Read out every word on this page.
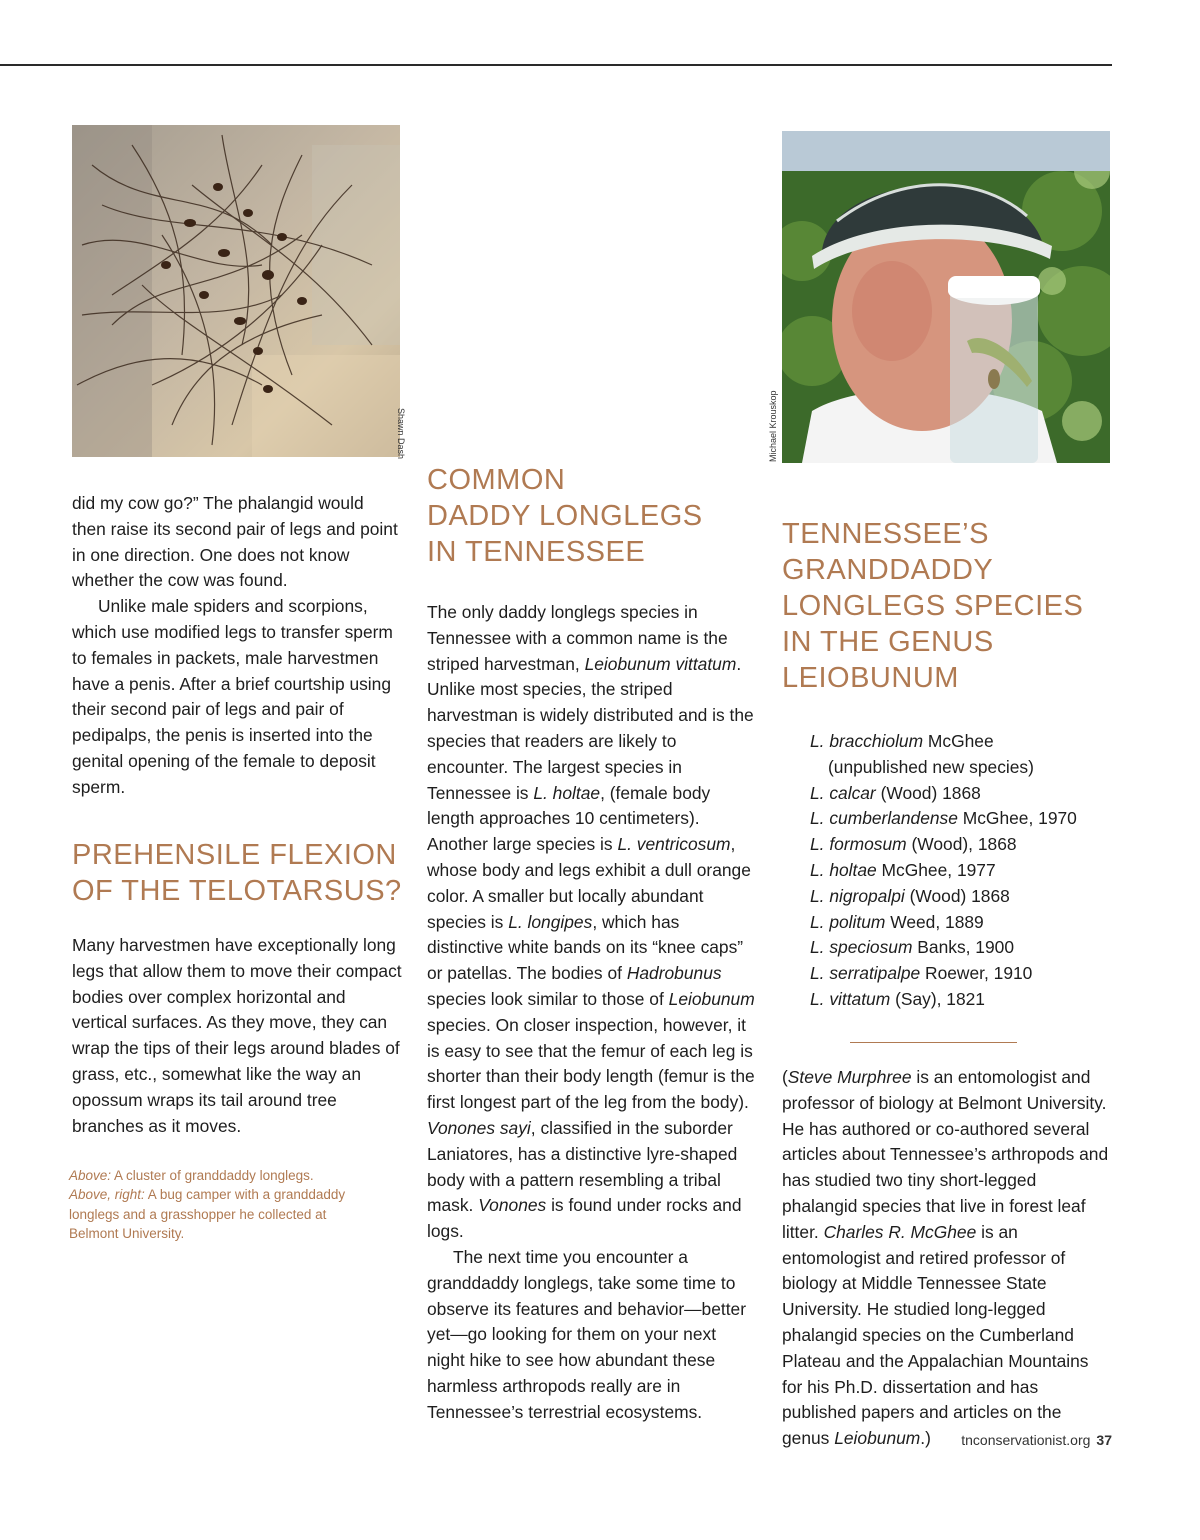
Shawn Dash	Michael Krouskop

did my cow go?” The phalangid would then raise its second pair of legs and point in one direction. One does not know whether the cow was found.

Unlike male spiders and scorpions, which use modified legs to transfer sperm to females in packets, male harvestmen have a penis. After a brief courtship using their second pair of legs and pair of pedipalps, the penis is inserted into the genital opening of the female to deposit sperm.

PREHENSILE FLEXION
OF THE TELOTARSUS?

Many harvestmen have exceptionally long legs that allow them to move their compact bodies over complex horizontal and vertical surfaces. As they move, they can wrap the tips of their legs around blades of grass, etc., somewhat like the way an opossum wraps its tail around tree branches as it moves.

Above: A cluster of granddaddy longlegs.
Above, right: A bug camper with a granddaddy longlegs and a grasshopper he collected at Belmont University.
COMMON
DADDY LONGLEGS
IN TENNESSEE

The only daddy longlegs species in Tennessee with a common name is the striped harvestman, Leiobunum vittatum. Unlike most species, the striped harvestman is widely distributed and is the species that readers are likely to encounter. The largest species in Tennessee is L. holtae, (female body length approaches 10 centimeters). Another large species is L. ventricosum, whose body and legs exhibit a dull orange color. A smaller but locally abundant species is L. longipes, which has distinctive white bands on its “knee caps” or patellas. The bodies of Hadrobunus species look similar to those of Leiobunum species. On closer inspection, however, it is easy to see that the femur of each leg is shorter than their body length (femur is the first longest part of the leg from the body). Vonones sayi, classified in the suborder Laniatores, has a distinctive lyre-shaped body with a pattern resembling a tribal mask. Vonones is found under rocks and logs.

The next time you encounter a granddaddy longlegs, take some time to observe its features and behavior—better yet—go looking for them on your next night hike to see how abundant these harmless arthropods really are in Tennessee’s terrestrial ecosystems.

TENNESSEE’S
GRANDDADDY
LONGLEGS SPECIES
IN THE GENUS
LEIOBUNUM
L. bracchiolum McGhee
(unpublished new species)
L. calcar (Wood) 1868
L. cumberlandense McGhee, 1970
L. formosum (Wood), 1868
L. holtae McGhee, 1977
L. nigropalpi (Wood) 1868
L. politum Weed, 1889
L. speciosum Banks, 1900
L. serratipalpe Roewer, 1910
L. vittatum (Say), 1821

(Steve Murphree is an entomologist and professor of biology at Belmont University. He has authored or co-authored several articles about Tennessee’s arthropods and has studied two tiny short-legged phalangid species that live in forest leaf litter. Charles R. McGhee is an entomologist and retired professor of biology at Middle Tennessee State University. He studied long-legged phalangid species on the Cumberland Plateau and the Appalachian Mountains for his Ph.D. dissertation and has published papers and articles on the genus Leiobunum.)	tnconservationist.org 37
